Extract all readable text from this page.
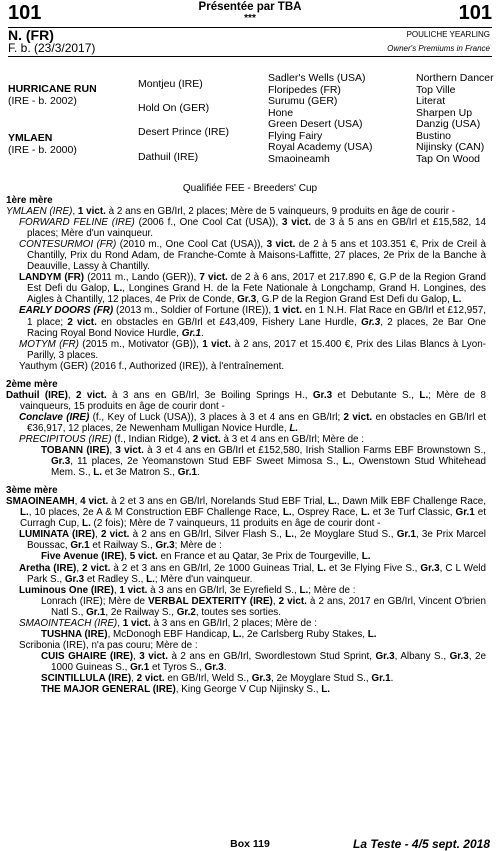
101	101
Présentée par TBA
***
N. (FR)
F. b. (23/3/2017)
POULICHE YEARLING
Owner's Premiums in France
HURRICANE RUN
(IRE - b. 2002)
YMLAEN
(IRE - b. 2000)
Montjeu (IRE)
Hold On (GER)
Desert Prince (IRE)
Dathuil (IRE)
Sadler's Wells (USA)
Floripedes (FR)
Surumu (GER)
Hone
Green Desert (USA)
Flying Fairy
Royal Academy (USA)
Smaoineamh
Northern Dancer
Top Ville
Literat
Sharpen Up
Danzig (USA)
Bustino
Nijinsky (CAN)
Tap On Wood
Qualifiée FEE - Breeders' Cup

1ère mère

YMLAEN (IRE), 1 vict. à 2 ans en GB/Irl, 2 places; Mère de 5 vainqueurs, 9 produits en âge de courir -

FORWARD FELINE (IRE) (2006 f., One Cool Cat (USA)), 3 vict. de 3 à 5 ans en GB/Irl et £15,582, 14 places; Mère d'un vainqueur.

CONTESURMOI (FR) (2010 m., One Cool Cat (USA)), 3 vict. de 2 à 5 ans et 103.351 €, Prix de Creil à Chantilly, Prix du Rond Adam, de Franche-Comte à Maisons-Laffitte, 27 places, 2e Prix de la Banche à Deauville, Lassy à Chantilly.

LANDYM (FR) (2011 m., Lando (GER)), 7 vict. de 2 à 6 ans, 2017 et 217.890 €, G.P de la Region Grand Est Defi du Galop, L., Longines Grand H. de la Fete Nationale à Longchamp, Grand H. Longines, des Aigles à Chantilly, 12 places, 4e Prix de Conde, Gr.3, G.P de la Region Grand Est Defi du Galop, L.

EARLY DOORS (FR) (2013 m., Soldier of Fortune (IRE)), 1 vict. en 1 N.H. Flat Race en GB/Irl et £12,957, 1 place; 2 vict. en obstacles en GB/Irl et £43,409, Fishery Lane Hurdle, Gr.3, 2 places, 2e Bar One Racing Royal Bond Novice Hurdle, Gr.1.

MOTYM (FR) (2015 m., Motivator (GB)), 1 vict. à 2 ans, 2017 et 15.400 €, Prix des Lilas Blancs à Lyon-Parilly, 3 places.

Yauthym (GER) (2016 f., Authorized (IRE)), à l'entraînement.

2ème mère

Dathuil (IRE), 2 vict. à 3 ans en GB/Irl, 3e Boiling Springs H., Gr.3 et Debutante S., L.; Mère de 8 vainqueurs, 15 produits en âge de courir dont -

Conclave (IRE) (f., Key of Luck (USA)), 3 places à 3 et 4 ans en GB/Irl; 2 vict. en obstacles en GB/Irl et €36,917, 12 places, 2e Newenham Mulligan Novice Hurdle, L.

PRECIPITOUS (IRE) (f., Indian Ridge), 2 vict. à 3 et 4 ans en GB/Irl; Mère de :

TOBANN (IRE), 3 vict. à 3 et 4 ans en GB/Irl et £152,580, Irish Stallion Farms EBF Brownstown S., Gr.3, 11 places, 2e Yeomanstown Stud EBF Sweet Mimosa S., L., Owenstown Stud Whitehead Mem. S., L. et 3e Matron S., Gr.1.

3ème mère

SMAOINEAMH, 4 vict. à 2 et 3 ans en GB/Irl, Norelands Stud EBF Trial, L., Dawn Milk EBF Challenge Race, L., 10 places, 2e A & M Construction EBF Challenge Race, L., Osprey Race, L. et 3e Turf Classic, Gr.1 et Curragh Cup, L. (2 fois); Mère de 7 vainqueurs, 11 produits en âge de courir dont -

LUMINATA (IRE), 2 vict. à 2 ans en GB/Irl, Silver Flash S., L., 2e Moyglare Stud S., Gr.1, 3e Prix Marcel Boussac, Gr.1 et Railway S., Gr.3; Mère de :

Five Avenue (IRE), 5 vict. en France et au Qatar, 3e Prix de Tourgeville, L.

Aretha (IRE), 2 vict. à 2 et 3 ans en GB/Irl, 2e 1000 Guineas Trial, L. et 3e Flying Five S., Gr.3, C L Weld Park S., Gr.3 et Radley S., L.; Mère d'un vainqueur.

Luminous One (IRE), 1 vict. à 3 ans en GB/Irl, 3e Eyrefield S., L.; Mère de :

Lonrach (IRE); Mère de VERBAL DEXTERITY (IRE), 2 vict. à 2 ans, 2017 en GB/Irl, Vincent O'brien Natl S., Gr.1, 2e Railway S., Gr.2, toutes ses sorties.

SMAOINTEACH (IRE), 1 vict. à 3 ans en GB/Irl, 2 places; Mère de :

TUSHNA (IRE), McDonogh EBF Handicap, L., 2e Carlsberg Ruby Stakes, L.

Scribonia (IRE), n'a pas couru; Mère de :

CUIS GHAIRE (IRE), 3 vict. à 2 ans en GB/Irl, Swordlestown Stud Sprint, Gr.3, Albany S., Gr.3, 2e 1000 Guineas S., Gr.1 et Tyros S., Gr.3.

SCINTILLULA (IRE), 2 vict. en GB/Irl, Weld S., Gr.3, 2e Moyglare Stud S., Gr.1.

THE MAJOR GENERAL (IRE), King George V Cup Nijinsky S., L.

Box 119	La Teste - 4/5 sept. 2018
